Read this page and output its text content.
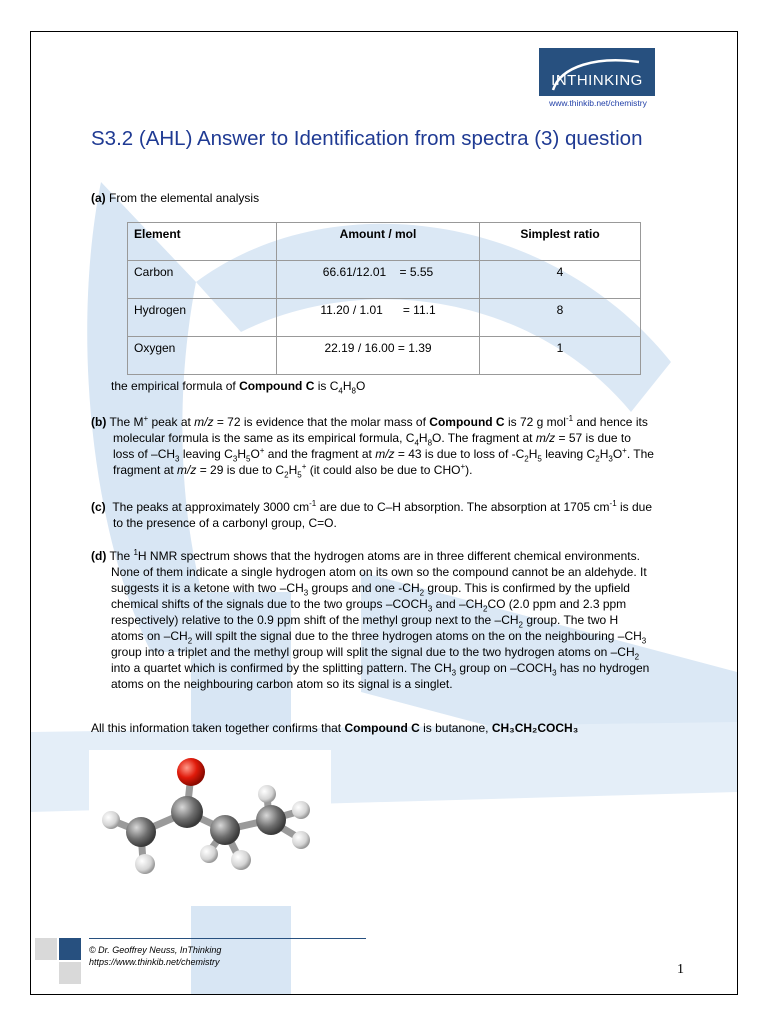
INTHINKING
www.thinkib.net/chemistry
S3.2 (AHL) Answer to Identification from spectra (3) question
(a) From the elemental analysis
Element	Amount / mol	Simplest ratio
Carbon	66.61/12.01    = 5.55	4
Hydrogen	11.20 / 1.01      = 11.1	8
Oxygen	22.19 / 16.00 = 1.39	1
the empirical formula of Compound C is $C_4H_8O$
(b) The M+ peak at m/z = 72 is evidence that the molar mass of Compound C is 72 g mol$^{-1}$ and hence its
molecular formula is the same as its empirical formula, $C_4H_8O$. The fragment at m/z = 57 is due to
loss of $-CH_3$ leaving $C_3H_5O^+$ and the fragment at m/z = 43 is due to loss of $-C_2H_5$ leaving $C_2H_3O^+$. The
fragment at m/z = 29 is due to $C_2H_5^+$ (it could also be due to CHO+).
(c)  The peaks at approximately 3000 $cm^{-1}$ are due to C–H absorption. The absorption at 1705 $cm^{-1}$ is due
to the presence of a carbonyl group, C=O.
(d) The $^1$H NMR spectrum shows that the hydrogen atoms are in three different chemical environments.
None of them indicate a single hydrogen atom on its own so the compound cannot be an aldehyde. It
suggests it is a ketone with two $-CH_3$ groups and one $-CH_2$ group. This is confirmed by the upfield
chemical shifts of the signals due to the two groups $-COCH_3$ and $-CH_2CO$ (2.0 ppm and 2.3 ppm
respectively) relative to the 0.9 ppm shift of the methyl group next to the $-CH_2$ group. The two H
atoms on $-CH_2$ will spilt the signal due to the three hydrogen atoms on the on the neighbouring $-CH_3$
group into a triplet and the methyl group will split the signal due to the two hydrogen atoms on $-CH_2$
into a quartet which is confirmed by the splitting pattern. The $CH_3$ group on $-COCH_3$ has no hydrogen
atoms on the neighbouring carbon atom so its signal is a singlet.
All this information taken together confirms that Compound C is butanone, CH₃CH₂COCH₃
© Dr. Geoffrey Neuss, InThinking
https://www.thinkib.net/chemistry	1
